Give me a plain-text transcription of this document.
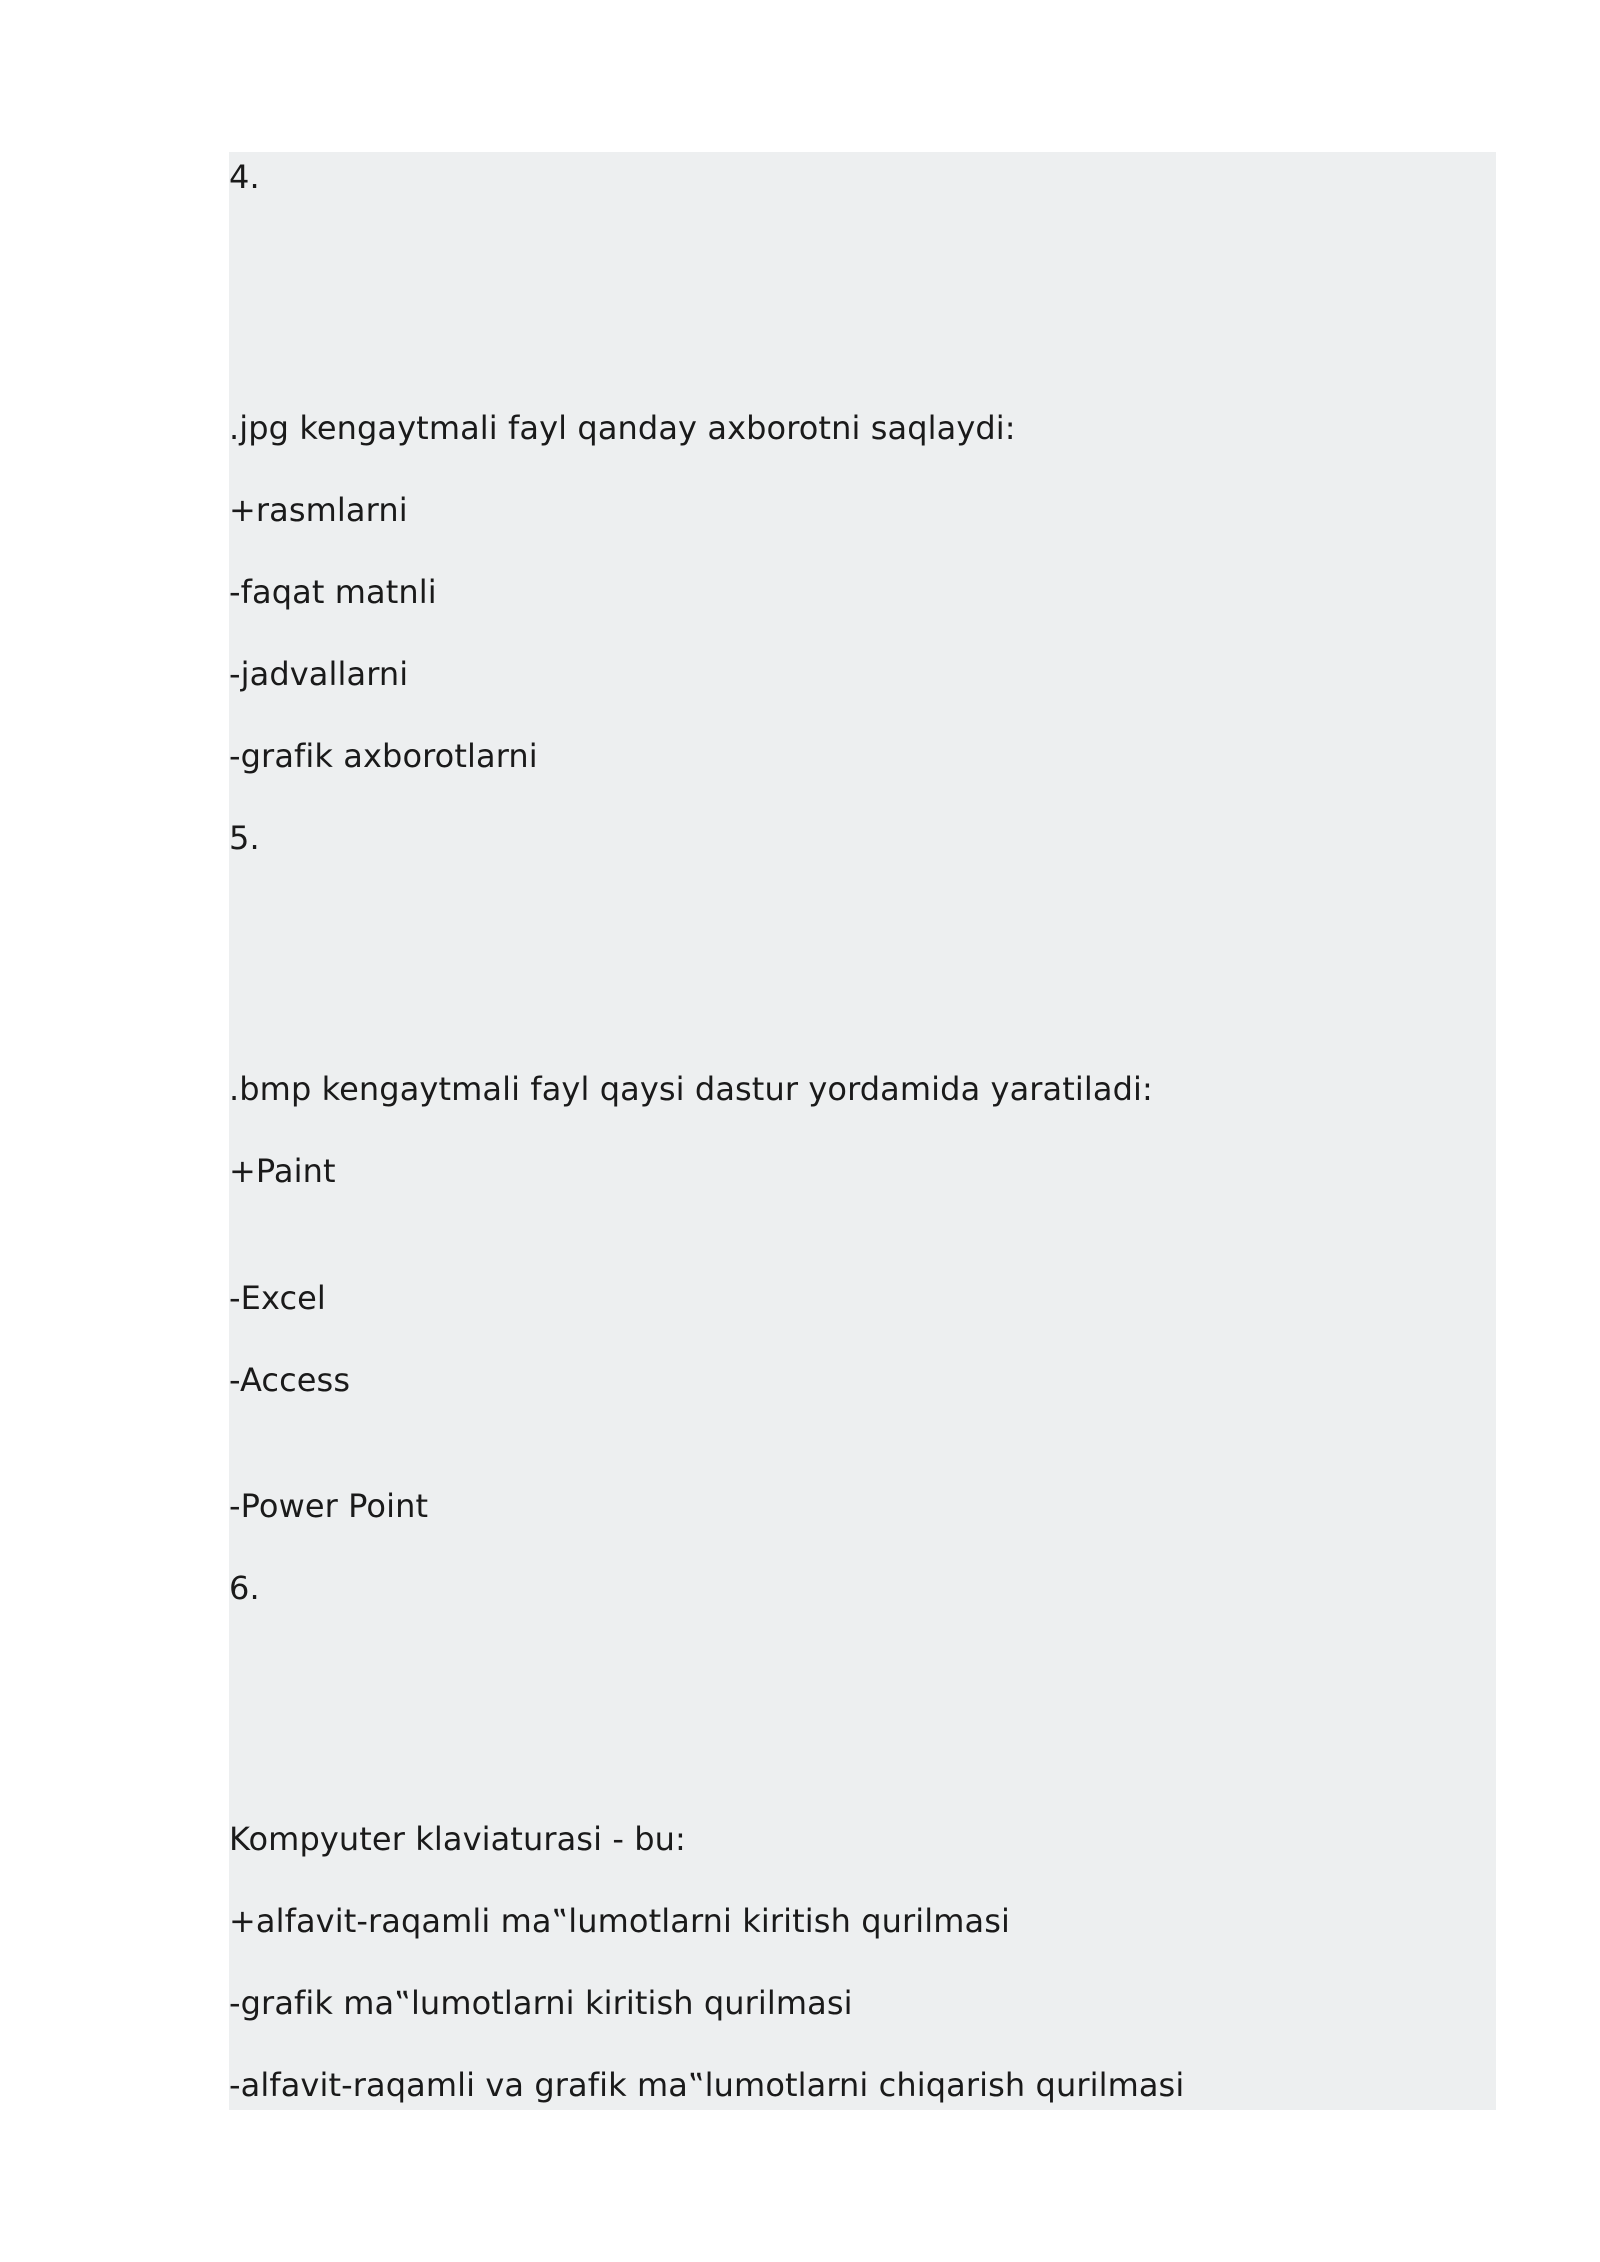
4.
.jpg kengaytmali fayl qanday axborotni saqlaydi:
+rasmlarni
-faqat matnli
-jadvallarni
-grafik axborotlarni
5.
.bmp kengaytmali fayl qaysi dastur yordamida yaratiladi:
+Paint
-Excel
-Access
-Power Point
6.
Kompyuter klaviaturasi - bu:
+alfavit-raqamli ma‟lumotlarni kiritish qurilmasi
-grafik ma‟lumotlarni kiritish qurilmasi
-alfavit-raqamli va grafik ma‟lumotlarni chiqarish qurilmasi
